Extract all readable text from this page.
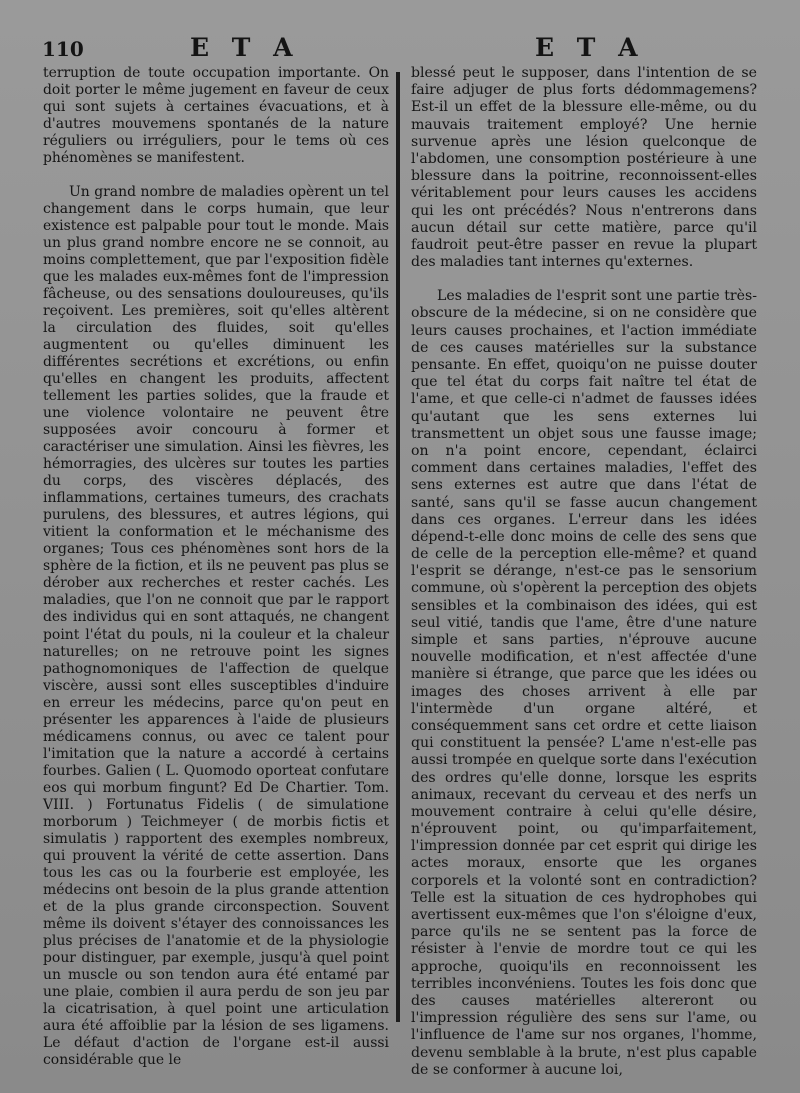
110	E T A	E T A

terruption de toute occupation importante. On doit porter le même jugement en faveur de ceux qui sont sujets à certaines évacuations, et à d'autres mouvemens spontanés de la nature réguliers ou irréguliers, pour le tems où ces phénomènes se manifestent.

Un grand nombre de maladies opèrent un tel changement dans le corps humain, que leur existence est palpable pour tout le monde. Mais un plus grand nombre encore ne se connoit, au moins complettement, que par l'exposition fidèle que les malades eux-mêmes font de l'impression fâcheuse, ou des sensations douloureuses, qu'ils reçoivent. Les premières, soit qu'elles altèrent la circulation des fluides, soit qu'elles augmentent ou qu'elles diminuent les différentes secrétions et excrétions, ou enfin qu'elles en changent les produits, affectent tellement les parties solides, que la fraude et une violence volontaire ne peuvent être supposées avoir concouru à former et caractériser une simulation. Ainsi les fièvres, les hémorragies, des ulcères sur toutes les parties du corps, des viscères déplacés, des inflammations, certaines tumeurs, des crachats purulens, des blessures, et autres légions, qui vitient la conformation et le méchanisme des organes; Tous ces phénomènes sont hors de la sphère de la fiction, et ils ne peuvent pas plus se dérober aux recherches et rester cachés. Les maladies, que l'on ne connoit que par le rapport des individus qui en sont attaqués, ne changent point l'état du pouls, ni la couleur et la chaleur naturelles; on ne retrouve point les signes pathognomoniques de l'affection de quelque viscère, aussi sont elles susceptibles d'induire en erreur les médecins, parce qu'on peut en présenter les apparences à l'aide de plusieurs médicamens connus, ou avec ce talent pour l'imitation que la nature a accordé à certains fourbes. Galien ( L. Quomodo oporteat confutare eos qui morbum fingunt? Ed De Chartier. Tom. VIII. ) Fortunatus Fidelis ( de simulatione morborum ) Teichmeyer ( de morbis fictis et simulatis ) rapportent des exemples nombreux, qui prouvent la vérité de cette assertion. Dans tous les cas ou la fourberie est employée, les médecins ont besoin de la plus grande attention et de la plus grande circonspection. Souvent même ils doivent s'étayer des connoissances les plus précises de l'anatomie et de la physiologie pour distinguer, par exemple, jusqu'à quel point un muscle ou son tendon aura été entamé par une plaie, combien il aura perdu de son jeu par la cicatrisation, à quel point une articulation aura été affoiblie par la lésion de ses ligamens. Le défaut d'action de l'organe est-il aussi considérable que le

blessé peut le supposer, dans l'intention de se faire adjuger de plus forts dédommagemens? Est-il un effet de la blessure elle-même, ou du mauvais traitement employé? Une hernie survenue après une lésion quelconque de l'abdomen, une consomption postérieure à une blessure dans la poitrine, reconnoissent-elles véritablement pour leurs causes les accidens qui les ont précédés? Nous n'entrerons dans aucun détail sur cette matière, parce qu'il faudroit peut-être passer en revue la plupart des maladies tant internes qu'externes.

Les maladies de l'esprit sont une partie très-obscure de la médecine, si on ne considère que leurs causes prochaines, et l'action immédiate de ces causes matérielles sur la substance pensante. En effet, quoiqu'on ne puisse douter que tel état du corps fait naître tel état de l'ame, et que celle-ci n'admet de fausses idées qu'autant que les sens externes lui transmettent un objet sous une fausse image; on n'a point encore, cependant, éclairci comment dans certaines maladies, l'effet des sens externes est autre que dans l'état de santé, sans qu'il se fasse aucun changement dans ces organes. L'erreur dans les idées dépend-t-elle donc moins de celle des sens que de celle de la perception elle-même? et quand l'esprit se dérange, n'est-ce pas le sensorium commune, où s'opèrent la perception des objets sensibles et la combinaison des idées, qui est seul vitié, tandis que l'ame, être d'une nature simple et sans parties, n'éprouve aucune nouvelle modification, et n'est affectée d'une manière si étrange, que parce que les idées ou images des choses arrivent à elle par l'intermède d'un organe altéré, et conséquemment sans cet ordre et cette liaison qui constituent la pensée? L'ame n'est-elle pas aussi trompée en quelque sorte dans l'exécution des ordres qu'elle donne, lorsque les esprits animaux, recevant du cerveau et des nerfs un mouvement contraire à celui qu'elle désire, n'éprouvent point, ou qu'imparfaitement, l'impression donnée par cet esprit qui dirige les actes moraux, ensorte que les organes corporels et la volonté sont en contradiction? Telle est la situation de ces hydrophobes qui avertissent eux-mêmes que l'on s'éloigne d'eux, parce qu'ils ne se sentent pas la force de résister à l'envie de mordre tout ce qui les approche, quoiqu'ils en reconnoissent les terribles inconvéniens. Toutes les fois donc que des causes matérielles altereront ou l'impression régulière des sens sur l'ame, ou l'influence de l'ame sur nos organes, l'homme, devenu semblable à la brute, n'est plus capable de se conformer à aucune loi,
